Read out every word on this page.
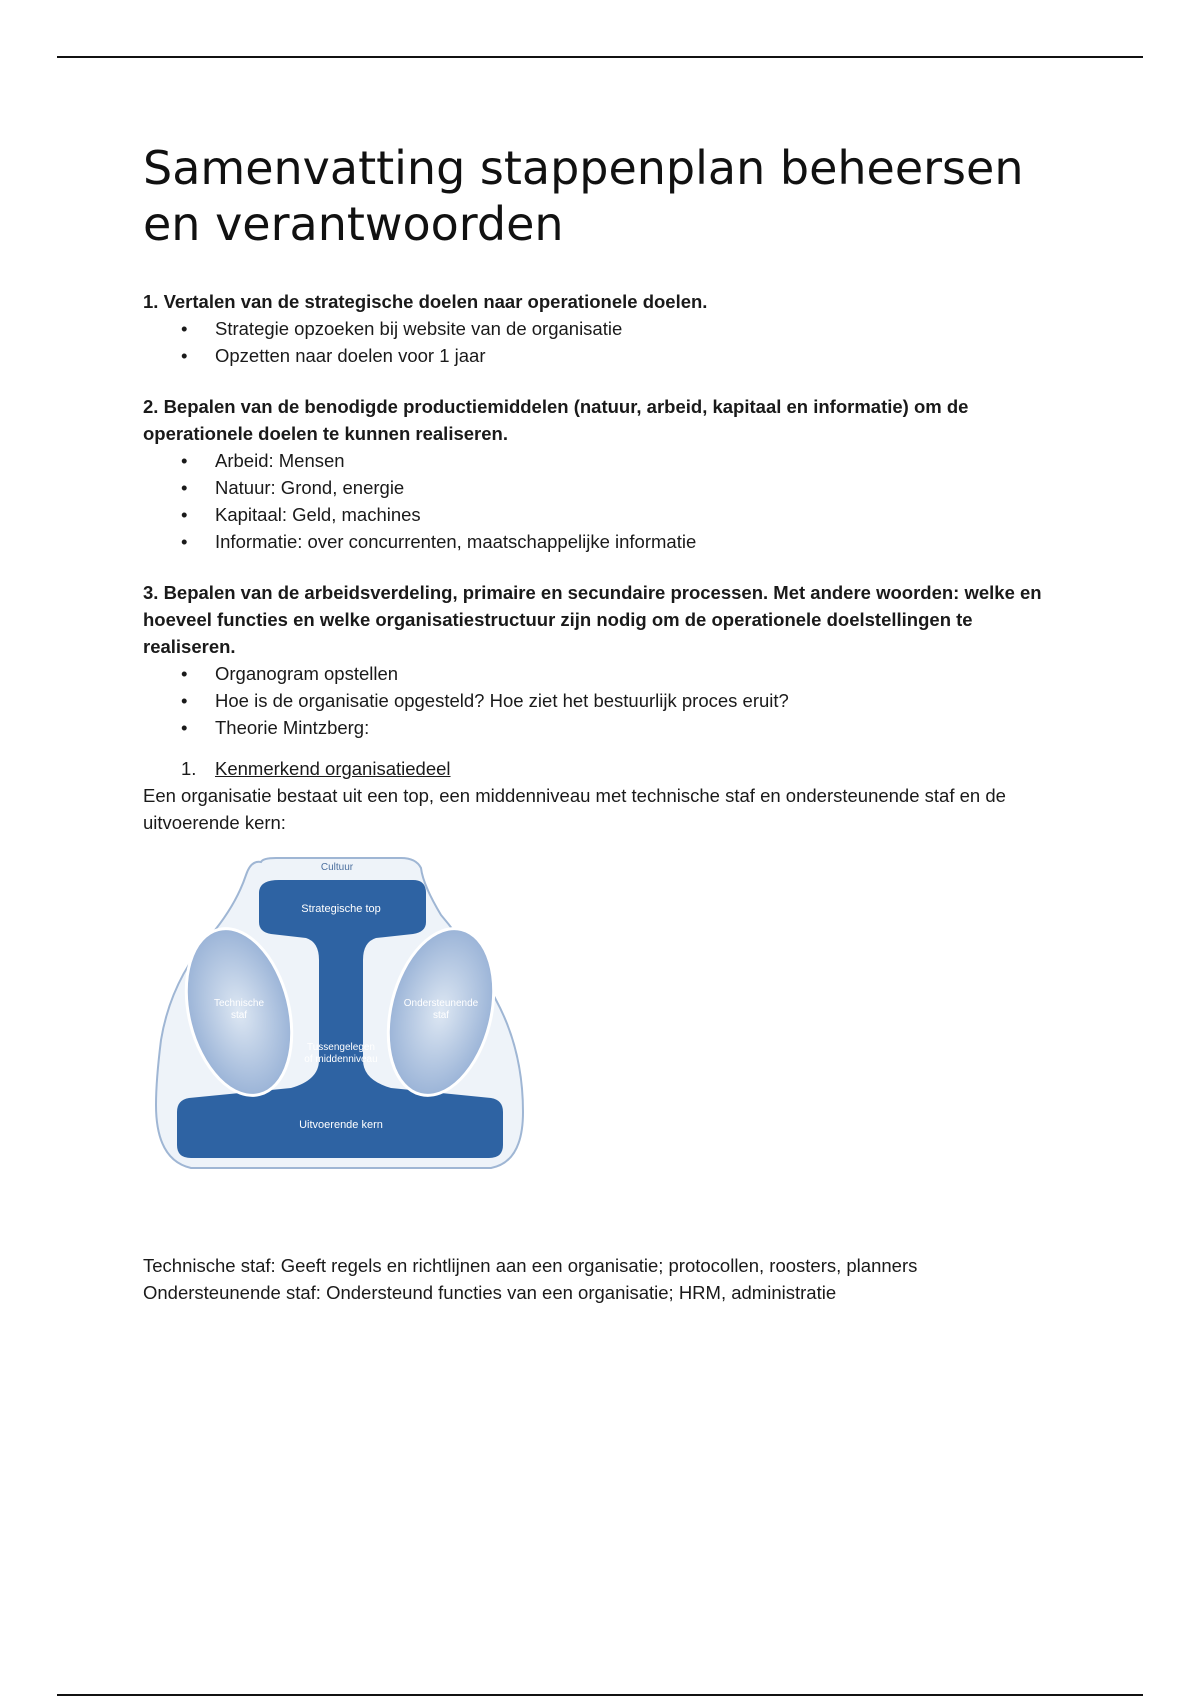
Samenvatting stappenplan beheersen en verantwoorden

1. Vertalen van de strategische doelen naar operationele doelen.

• Strategie opzoeken bij website van de organisatie
• Opzetten naar doelen voor 1 jaar

2. Bepalen van de benodigde productiemiddelen (natuur, arbeid, kapitaal en informatie) om de operationele doelen te kunnen realiseren.

• Arbeid: Mensen
• Natuur: Grond, energie
• Kapitaal: Geld, machines
• Informatie: over concurrenten, maatschappelijke informatie

3. Bepalen van de arbeidsverdeling, primaire en secundaire processen. Met andere woorden: welke en hoeveel functies en welke organisatiestructuur zijn nodig om de operationele doelstellingen te realiseren.

• Organogram opstellen
• Hoe is de organisatie opgesteld? Hoe ziet het bestuurlijk proces eruit?
• Theorie Mintzberg:

1. Kenmerkend organisatiedeel

Een organisatie bestaat uit een top, een middenniveau met technische staf en ondersteunende staf en de uitvoerende kern:

Cultuur
Strategische top
Technische
staf
Ondersteunende
staf
Tussengelegen
of middenniveau
Uitvoerende kern

Technische staf: Geeft regels en richtlijnen aan een organisatie; protocollen, roosters, planners

Ondersteunende staf: Ondersteund functies van een organisatie; HRM, administratie
